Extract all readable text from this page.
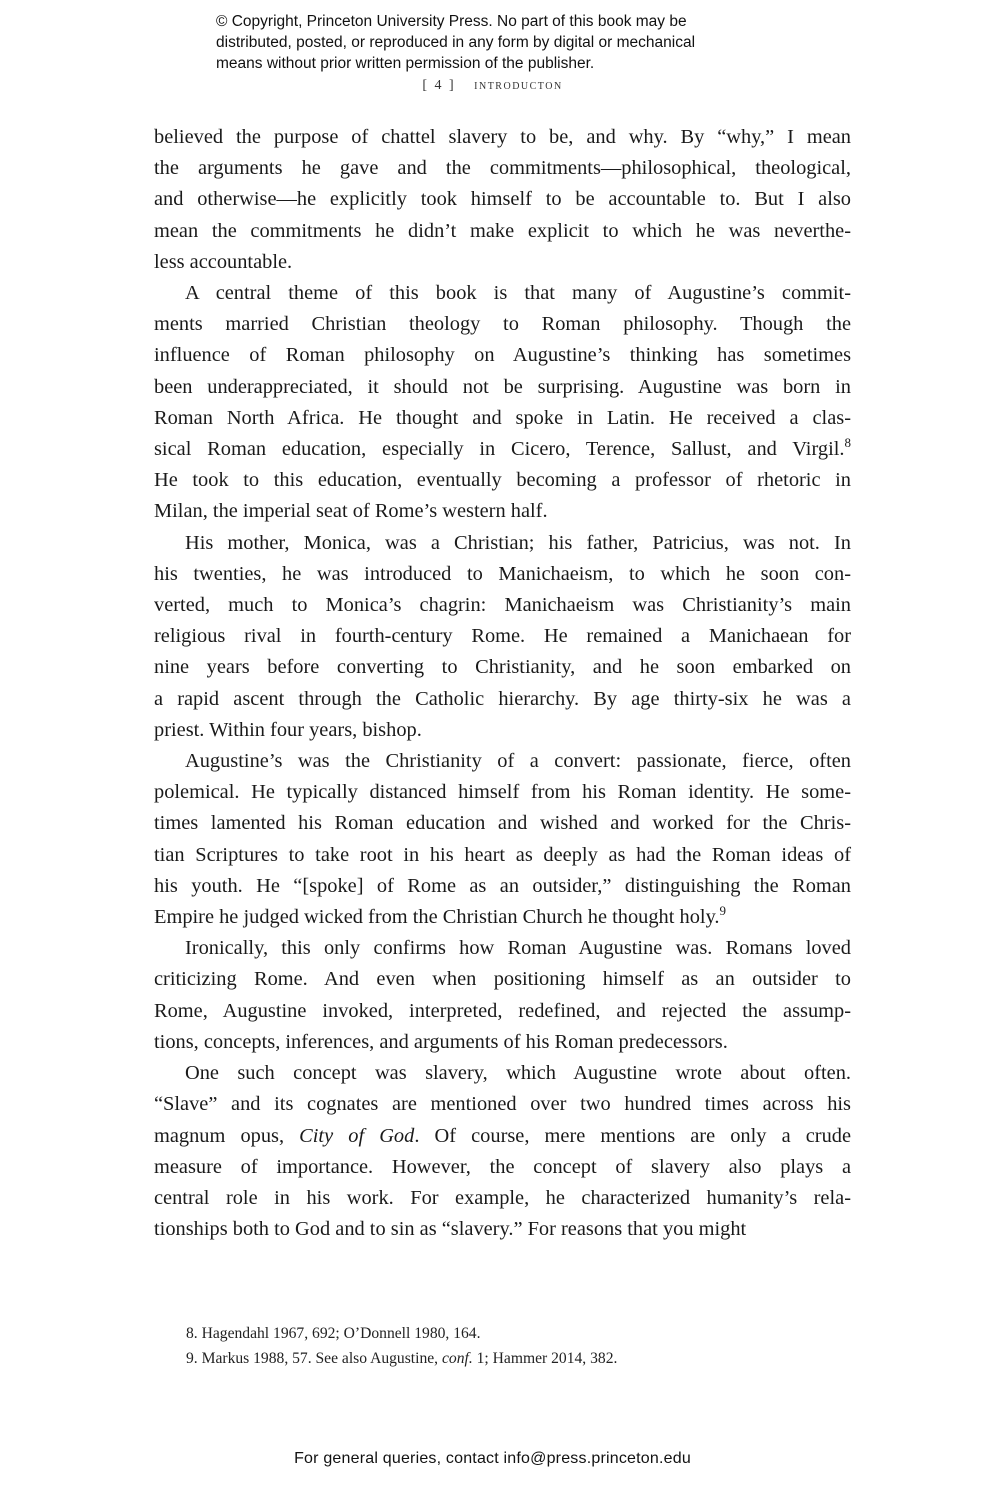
© Copyright, Princeton University Press. No part of this book may be
distributed, posted, or reproduced in any form by digital or mechanical
means without prior written permission of the publisher.
[ 4 ] introducton
believed the purpose of chattel slavery to be, and why. By “why,” I mean
the arguments he gave and the commitments—philosophical, theological,
and otherwise—he explicitly took himself to be accountable to. But I also
mean the commitments he didn’t make explicit to which he was neverthe-
less accountable.
A central theme of this book is that many of Augustine’s commit-
ments married Christian theology to Roman philosophy. Though the
influence of Roman philosophy on Augustine’s thinking has sometimes
been underappreciated, it should not be surprising. Augustine was born in
Roman North Africa. He thought and spoke in Latin. He received a clas-
sical Roman education, especially in Cicero, Terence, Sallust, and Virgil.$^8$
He took to this education, eventually becoming a professor of rhetoric in
Milan, the imperial seat of Rome’s western half.
His mother, Monica, was a Christian; his father, Patricius, was not. In
his twenties, he was introduced to Manichaeism, to which he soon con-
verted, much to Monica’s chagrin: Manichaeism was Christianity’s main
religious rival in fourth-century Rome. He remained a Manichaean for
nine years before converting to Christianity, and he soon embarked on
a rapid ascent through the Catholic hierarchy. By age thirty-six he was a
priest. Within four years, bishop.
Augustine’s was the Christianity of a convert: passionate, fierce, often
polemical. He typically distanced himself from his Roman identity. He some-
times lamented his Roman education and wished and worked for the Chris-
tian Scriptures to take root in his heart as deeply as had the Roman ideas of
his youth. He “[spoke] of Rome as an outsider,” distinguishing the Roman
Empire he judged wicked from the Christian Church he thought holy.$^9$
Ironically, this only confirms how Roman Augustine was. Romans loved
criticizing Rome. And even when positioning himself as an outsider to
Rome, Augustine invoked, interpreted, redefined, and rejected the assump-
tions, concepts, inferences, and arguments of his Roman predecessors.
One such concept was slavery, which Augustine wrote about often.
“Slave” and its cognates are mentioned over two hundred times across his
magnum opus, City of God. Of course, mere mentions are only a crude
measure of importance. However, the concept of slavery also plays a
central role in his work. For example, he characterized humanity’s rela-
tionships both to God and to sin as “slavery.” For reasons that you might
8. Hagendahl 1967, 692; O’Donnell 1980, 164.
9. Markus 1988, 57. See also Augustine, conf. 1; Hammer 2014, 382.
For general queries, contact info@press.princeton.edu
